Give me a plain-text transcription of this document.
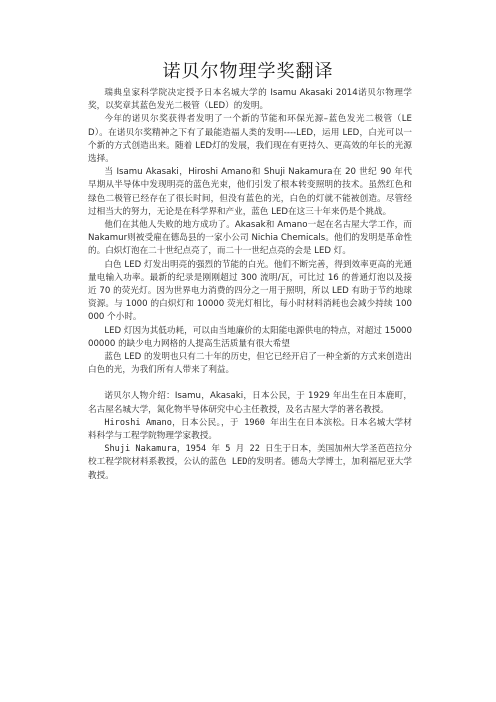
诺贝尔物理学奖翻译

瑞典皇家科学院决定授予日本名城大学的 Isamu Akasaki 2014诺贝尔物理学奖，以奖章其蓝色发光二极管（LED）的发明。

今年的诺贝尔奖获得者发明了一个新的节能和环保光源–蓝色发光二极管（LED）。在诺贝尔奖精神之下有了最能造福人类的发明----LED，运用 LED，白光可以一个新的方式创造出来。随着 LED灯的发展，我们现在有更持久、更高效的年长的光源选择。

当 Isamu Akasaki，Hiroshi Amano和 Shuji Nakamura在 20 世纪 90 年代早期从半导体中发现明亮的蓝色光束，他们引发了根本转变照明的技术。虽然红色和绿色二极管已经存在了很长时间，但没有蓝色的光，白色的灯就不能被创造。尽管经过相当大的努力，无论是在科学界和产业，蓝色 LED在这三十年来仍是个挑战。

他们在其他人失败的地方成功了。Akasak和 Amano一起在名古屋大学工作，而 Nakamur则被受雇在德岛县的一家小公司 Nichia Chemicals。他们的发明是革命性的。白炽灯泡在二十世纪点亮了，而二十一世纪点亮的会是 LED 灯。

白色 LED 灯发出明亮的强烈的节能的白光。他们不断完善，得到效率更高的光通量电输入功率。最新的纪录是刚刚超过 300 流明/瓦，可比过 16 的普通灯泡以及接近 70 的荧光灯。因为世界电力消费的四分之一用于照明，所以 LED 有助于节约地球资源。与 1000 的白炽灯和 10000 荧光灯相比，每小时材料消耗也会减少持续 100000 个小时。

LED 灯因为其低功耗，可以由当地廉价的太阳能电源供电的特点，对超过 1500000000 的缺少电力网格的人提高生活质量有很大希望

蓝色 LED 的发明也只有二十年的历史，但它已经开启了一种全新的方式来创造出白色的光，为我们所有人带来了利益。

诺贝尔人物介绍：Isamu，Akasaki，日本公民，于 1929 年出生在日本鹿町，名古屋名城大学，氮化物半导体研究中心主任教授，及名古屋大学的著名教授。

Hiroshi Amano，日本公民。，于 1960 年出生在日本滨松。日本名城大学材料科学与工程学院物理学家教授。

Shuji Nakamura，1954 年 5 月 22 日生于日本，美国加州大学圣芭芭拉分校工程学院材料系教授，公认的蓝色 LED的发明者。德岛大学博士，加利福尼亚大学教授。
